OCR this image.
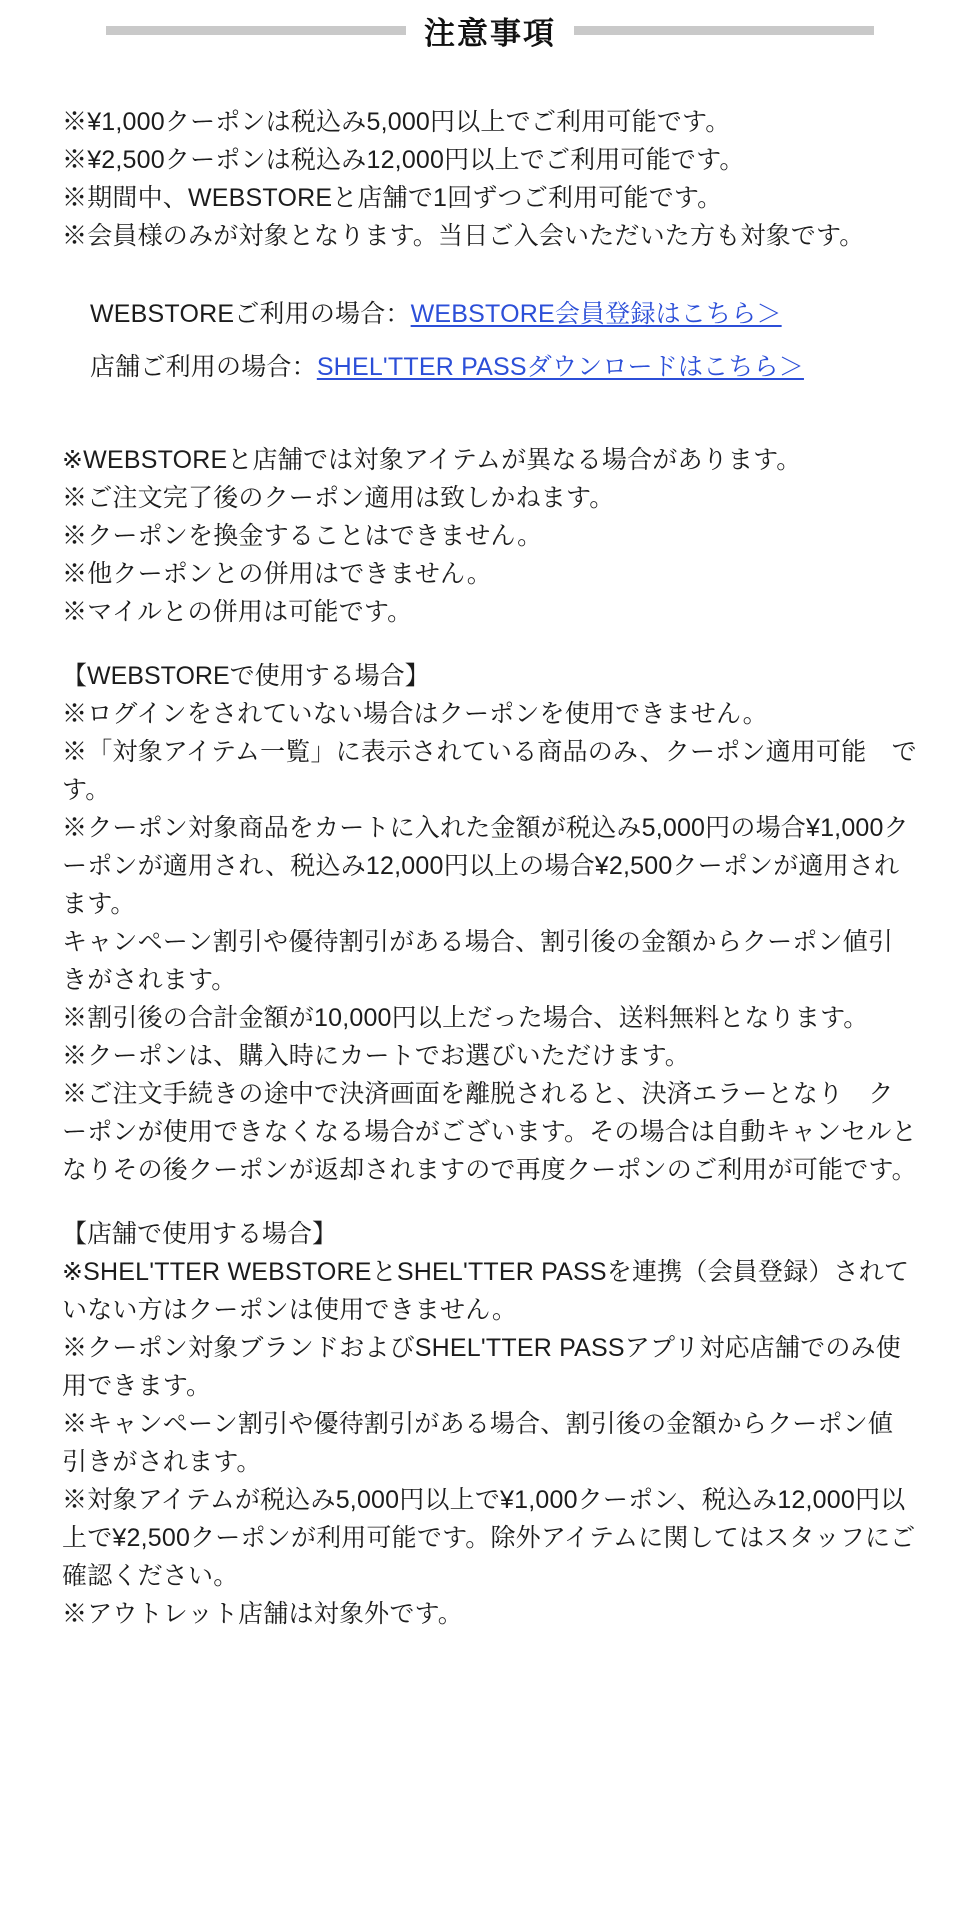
注意事項

※¥1,000クーポンは税込み5,000円以上でご利用可能です。

※¥2,500クーポンは税込み12,000円以上でご利用可能です。

※期間中、WEBSTOREと店舗で1回ずつご利用可能です。

※会員様のみが対象となります。当日ご入会いただいた方も対象です。

WEBSTOREご利用の場合：WEBSTORE会員登録はこちら＞
店舗ご利用の場合：SHEL'TTER PASSダウンロードはこちら＞

※WEBSTOREと店舗では対象アイテムが異なる場合があります。

※ご注文完了後のクーポン適用は致しかねます。

※クーポンを換金することはできません。

※他クーポンとの併用はできません。

※マイルとの併用は可能です。

【WEBSTOREで使用する場合】

※ログインをされていない場合はクーポンを使用できません。

※「対象アイテム一覧」に表示されている商品のみ、クーポン適用可能　です。

※クーポン対象商品をカートに入れた金額が税込み5,000円の場合¥1,000クーポンが適用され、税込み12,000円以上の場合¥2,500クーポンが適用されます。

キャンペーン割引や優待割引がある場合、割引後の金額からクーポン値引きがされます。

※割引後の合計金額が10,000円以上だった場合、送料無料となります。

※クーポンは、購入時にカートでお選びいただけます。

※ご注文手続きの途中で決済画面を離脱されると、決済エラーとなり　クーポンが使用できなくなる場合がございます。その場合は自動キャンセルとなりその後クーポンが返却されますので再度クーポンのご利用が可能です。

【店舗で使用する場合】

※SHEL'TTER WEBSTOREとSHEL'TTER PASSを連携（会員登録）されていない方はクーポンは使用できません。

※クーポン対象ブランドおよびSHEL'TTER PASSアプリ対応店舗でのみ使用できます。

※キャンペーン割引や優待割引がある場合、割引後の金額からクーポン値引きがされます。

※対象アイテムが税込み5,000円以上で¥1,000クーポン、税込み12,000円以上で¥2,500クーポンが利用可能です。除外アイテムに関してはスタッフにご確認ください。

※アウトレット店舗は対象外です。
